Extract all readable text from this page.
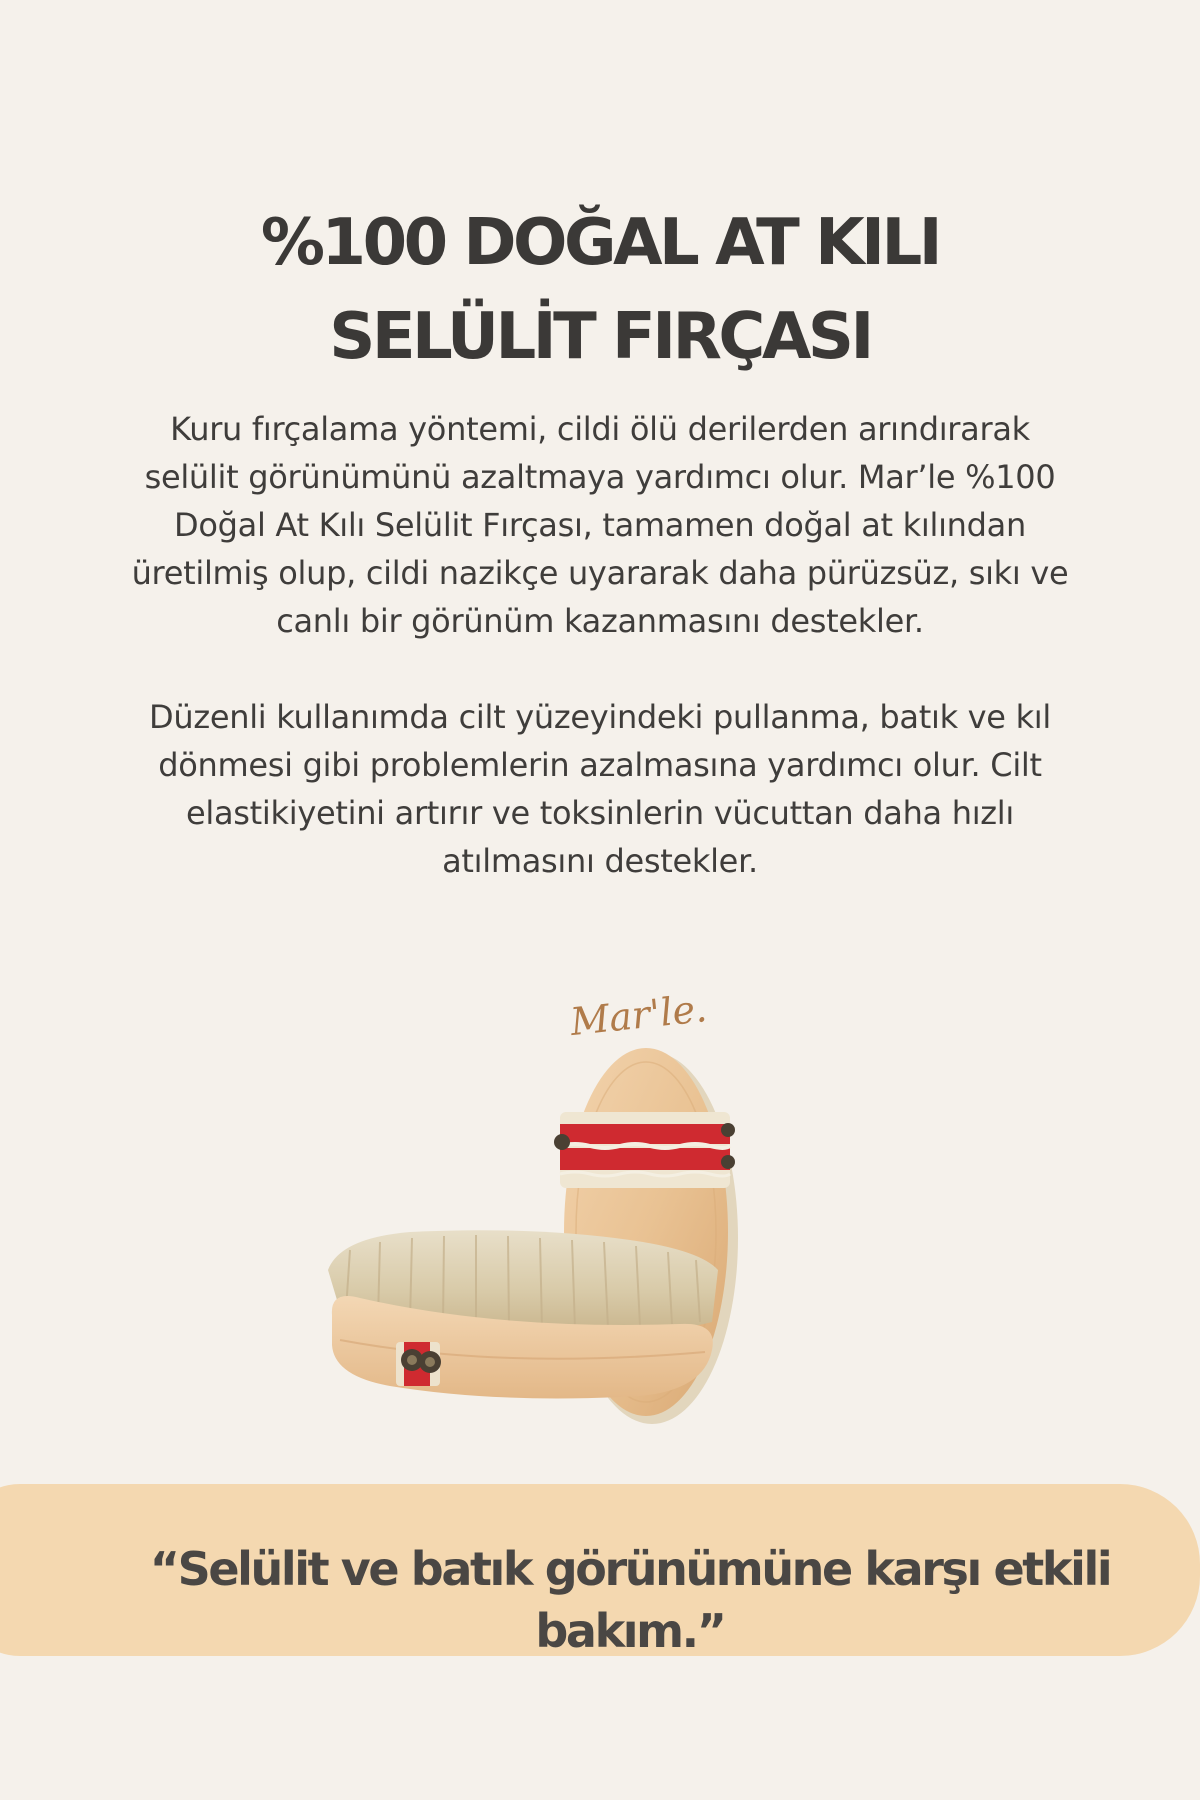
%100 DOĞAL AT KILI
SELÜLİT FIRÇASI

Kuru fırçalama yöntemi, cildi ölü derilerden arındırarak selülit görünümünü azaltmaya yardımcı olur. Mar’le %100 Doğal At Kılı Selülit Fırçası, tamamen doğal at kılından üretilmiş olup, cildi nazikçe uyararak daha pürüzsüz, sıkı ve canlı bir görünüm kazanmasını destekler.

Düzenli kullanımda cilt yüzeyindeki pullanma, batık ve kıl dönmesi gibi problemlerin azalmasına yardımcı olur. Cilt elastikiyetini artırır ve toksinlerin vücuttan daha hızlı atılmasını destekler.

Mar'le.

“Selülit ve batık görünümüne karşı etkili bakım.”
